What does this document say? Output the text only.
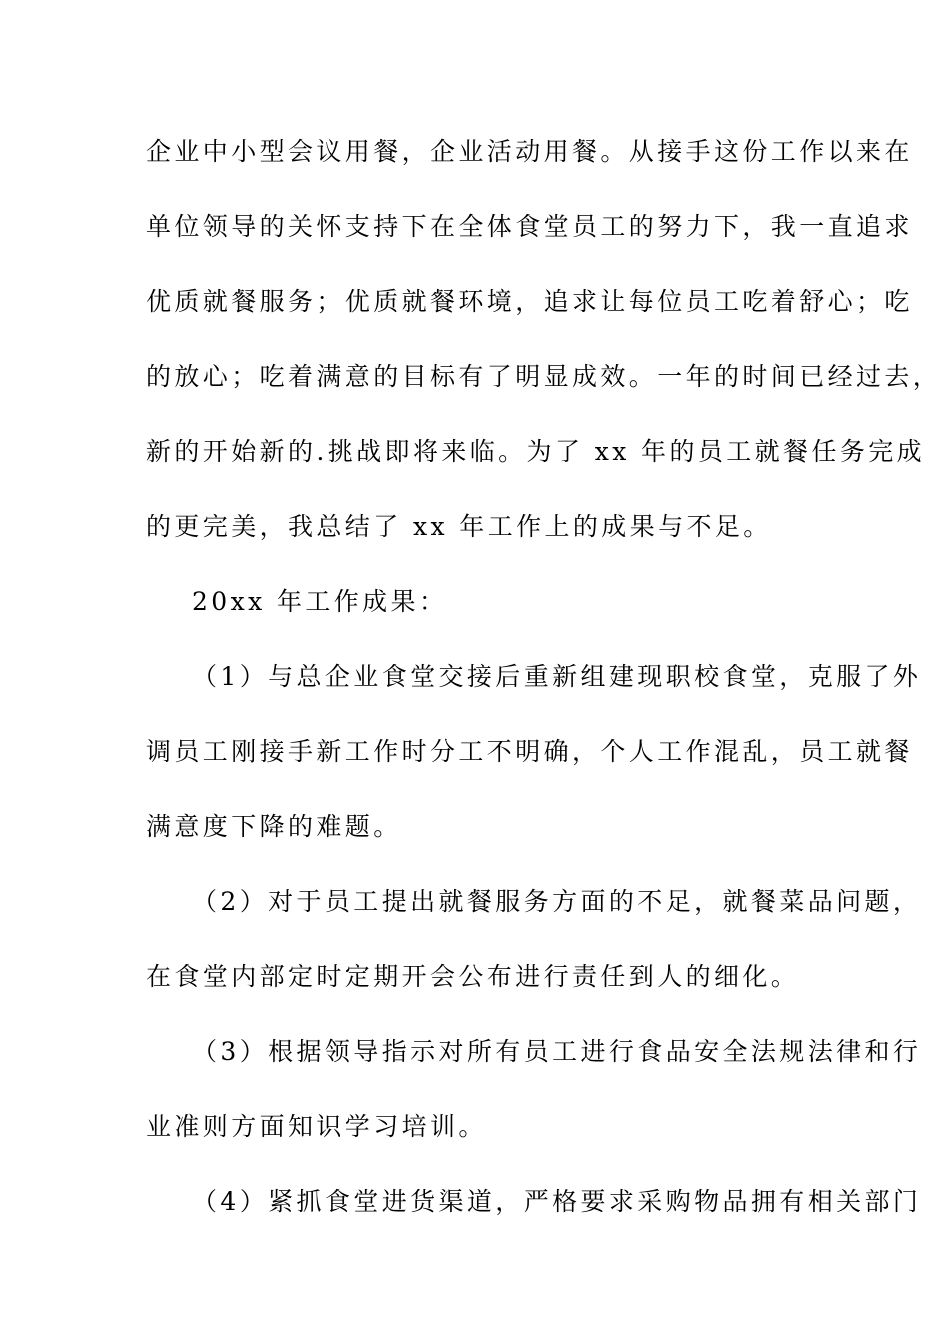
企业中小型会议用餐，企业活动用餐。从接手这份工作以来在
单位领导的关怀支持下在全体食堂员工的努力下，我一直追求
优质就餐服务；优质就餐环境，追求让每位员工吃着舒心；吃
的放心；吃着满意的目标有了明显成效。一年的时间已经过去，
新的开始新的.挑战即将来临。为了 xx 年的员工就餐任务完成
的更完美，我总结了 xx 年工作上的成果与不足。
20xx 年工作成果：
（1）与总企业食堂交接后重新组建现职校食堂，克服了外
调员工刚接手新工作时分工不明确，个人工作混乱，员工就餐
满意度下降的难题。
（2）对于员工提出就餐服务方面的不足，就餐菜品问题，
在食堂内部定时定期开会公布进行责任到人的细化。
（3）根据领导指示对所有员工进行食品安全法规法律和行
业准则方面知识学习培训。
（4）紧抓食堂进货渠道，严格要求采购物品拥有相关部门
